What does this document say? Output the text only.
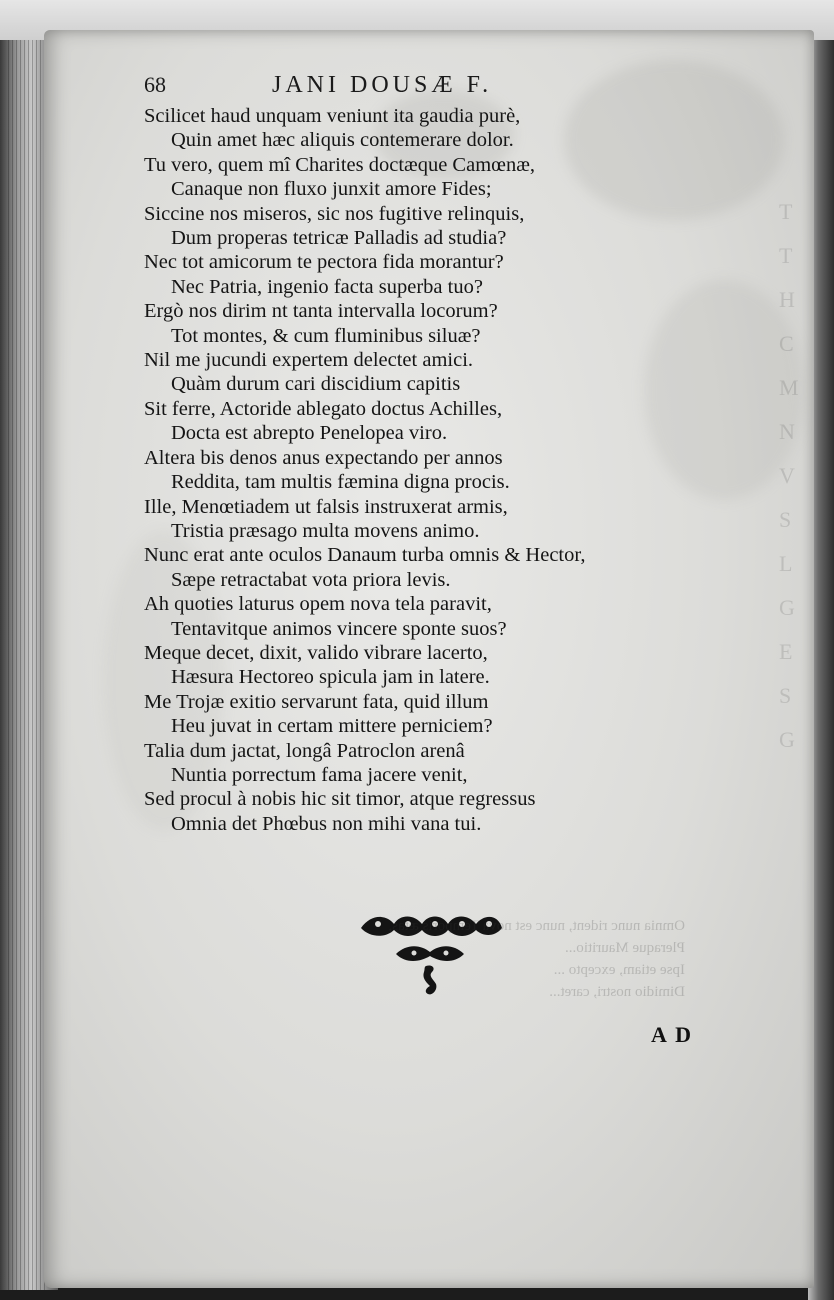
T
T
H
C
M
N
V
S
L
G
E
S
G
68	JANI DOUSÆ F.
Scilicet haud unquam veniunt ita gaudia purè,
Quin amet hæc aliquis contemerare dolor.
Tu vero, quem mî Charites doctæque Camœnæ,
Canaque non fluxo junxit amore Fides;
Siccine nos miseros, sic nos fugitive relinquis,
Dum properas tetricæ Palladis ad studia?
Nec tot amicorum te pectora fida morantur?
Nec Patria, ingenio facta superba tuo?
Ergò nos dirim nt tanta intervalla locorum?
Tot montes, & cum fluminibus siluæ?
Nil me jucundi expertem delectet amici.
Quàm durum cari discidium capitis
Sit ferre, Actoride ablegato doctus Achilles,
Docta est abrepto Penelopea viro.
Altera bis denos anus expectando per annos
Reddita, tam multis fæmina digna procis.
Ille, Menœtiadem ut falsis instruxerat armis,
Tristia præsago multa movens animo.
Nunc erat ante oculos Danaum turba omnis & Hector,
Sæpe retractabat vota priora levis.
Ah quoties laturus opem nova tela paravit,
Tentavitque animos vincere sponte suos?
Meque decet, dixit, valido vibrare lacerto,
Hæsura Hectoreo spicula jam in latere.
Me Trojæ exitio servarunt fata, quid illum
Heu juvat in certam mittere perniciem?
Talia dum jactat, longâ Patroclon arenâ
Nuntia porrectum fama jacere venit,
Sed procul à nobis hic sit timor, atque regressus
Omnia det Phœbus non mihi vana tui.
Omnia nunc rident, nunc est nova Temporis ætas,
Pleraque Mauritio...
Ipse etiam, excepto ...
Dimidio nostri, caret...
A D
